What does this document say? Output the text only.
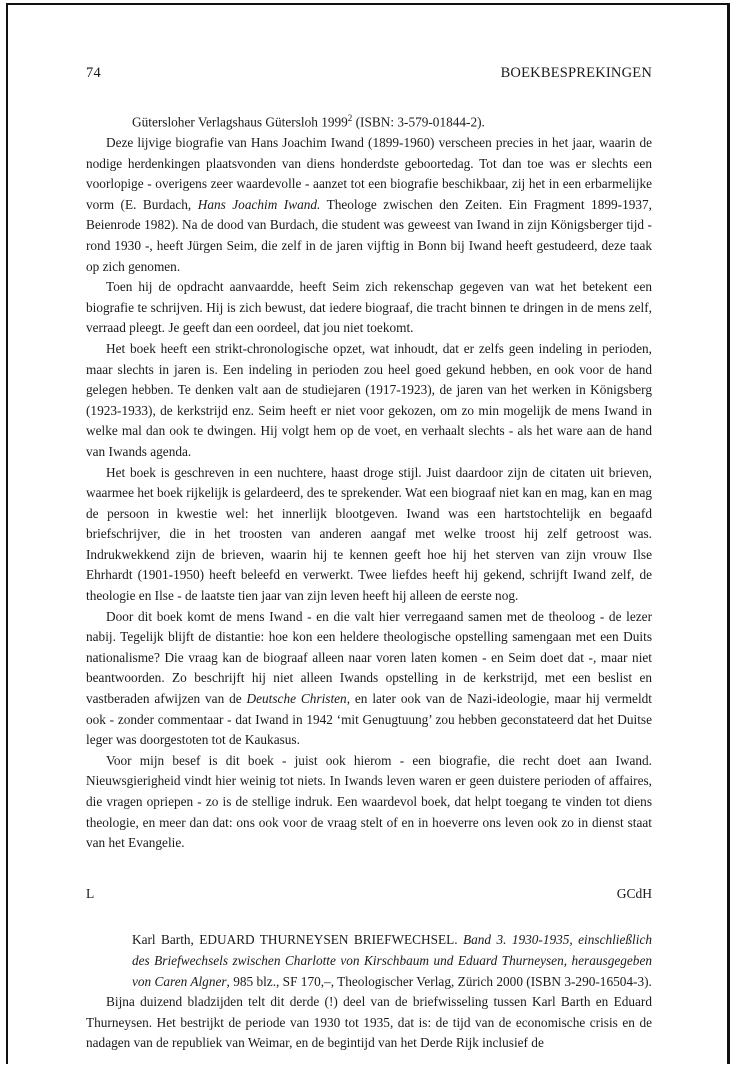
74	BOEKBESPREKINGEN

Gütersloher Verlagshaus Gütersloh 1999$^2$ (ISBN: 3-579-01844-2).

Deze lijvige biografie van Hans Joachim Iwand (1899-1960) verscheen precies in het jaar, waarin de nodige herdenkingen plaatsvonden van diens honderdste geboortedag. Tot dan toe was er slechts een voorlopige - overigens zeer waardevolle - aanzet tot een biografie beschikbaar, zij het in een erbarmelijke vorm (E. Burdach, Hans Joachim Iwand. Theologe zwischen den Zeiten. Ein Fragment 1899-1937, Beienrode 1982). Na de dood van Burdach, die student was geweest van Iwand in zijn Königsberger tijd - rond 1930 -, heeft Jürgen Seim, die zelf in de jaren vijftig in Bonn bij Iwand heeft gestudeerd, deze taak op zich genomen.

Toen hij de opdracht aanvaardde, heeft Seim zich rekenschap gegeven van wat het betekent een biografie te schrijven. Hij is zich bewust, dat iedere biograaf, die tracht binnen te dringen in de mens zelf, verraad pleegt. Je geeft dan een oordeel, dat jou niet toekomt.

Het boek heeft een strikt-chronologische opzet, wat inhoudt, dat er zelfs geen indeling in perioden, maar slechts in jaren is. Een indeling in perioden zou heel goed gekund hebben, en ook voor de hand gelegen hebben. Te denken valt aan de studiejaren (1917-1923), de jaren van het werken in Königsberg (1923-1933), de kerkstrijd enz. Seim heeft er niet voor gekozen, om zo min mogelijk de mens Iwand in welke mal dan ook te dwingen. Hij volgt hem op de voet, en verhaalt slechts - als het ware aan de hand van Iwands agenda.

Het boek is geschreven in een nuchtere, haast droge stijl. Juist daardoor zijn de citaten uit brieven, waarmee het boek rijkelijk is gelardeerd, des te sprekender. Wat een biograaf niet kan en mag, kan en mag de persoon in kwestie wel: het innerlijk blootgeven. Iwand was een hartstochtelijk en begaafd briefschrijver, die in het troosten van anderen aangaf met welke troost hij zelf getroost was. Indrukwekkend zijn de brieven, waarin hij te kennen geeft hoe hij het sterven van zijn vrouw Ilse Ehrhardt (1901-1950) heeft beleefd en verwerkt. Twee liefdes heeft hij gekend, schrijft Iwand zelf, de theologie en Ilse - de laatste tien jaar van zijn leven heeft hij alleen de eerste nog.

Door dit boek komt de mens Iwand - en die valt hier verregaand samen met de theoloog - de lezer nabij. Tegelijk blijft de distantie: hoe kon een heldere theologische opstelling samengaan met een Duits nationalisme? Die vraag kan de biograaf alleen naar voren laten komen - en Seim doet dat -, maar niet beantwoorden. Zo beschrijft hij niet alleen Iwands opstelling in de kerkstrijd, met een beslist en vastberaden afwijzen van de Deutsche Christen, en later ook van de Nazi-ideologie, maar hij vermeldt ook - zonder commentaar - dat Iwand in 1942 ‘mit Genugtuung’ zou hebben geconstateerd dat het Duitse leger was doorgestoten tot de Kaukasus.

Voor mijn besef is dit boek - juist ook hierom - een biografie, die recht doet aan Iwand. Nieuwsgierigheid vindt hier weinig tot niets. In Iwands leven waren er geen duistere perioden of affaires, die vragen opriepen - zo is de stellige indruk. Een waardevol boek, dat helpt toegang te vinden tot diens theologie, en meer dan dat: ons ook voor de vraag stelt of en in hoeverre ons leven ook zo in dienst staat van het Evangelie.

L	GCdH

Karl Barth, EDUARD THURNEYSEN BRIEFWECHSEL. Band 3. 1930-1935, einschließlich des Briefwechsels zwischen Charlotte von Kirschbaum und Eduard Thurneysen, herausgegeben von Caren Algner, 985 blz., SF 170,–, Theologischer Verlag, Zürich 2000 (ISBN 3-290-16504-3).

Bijna duizend bladzijden telt dit derde (!) deel van de briefwisseling tussen Karl Barth en Eduard Thurneysen. Het bestrijkt de periode van 1930 tot 1935, dat is: de tijd van de economische crisis en de nadagen van de republiek van Weimar, en de begintijd van het Derde Rijk inclusief de
